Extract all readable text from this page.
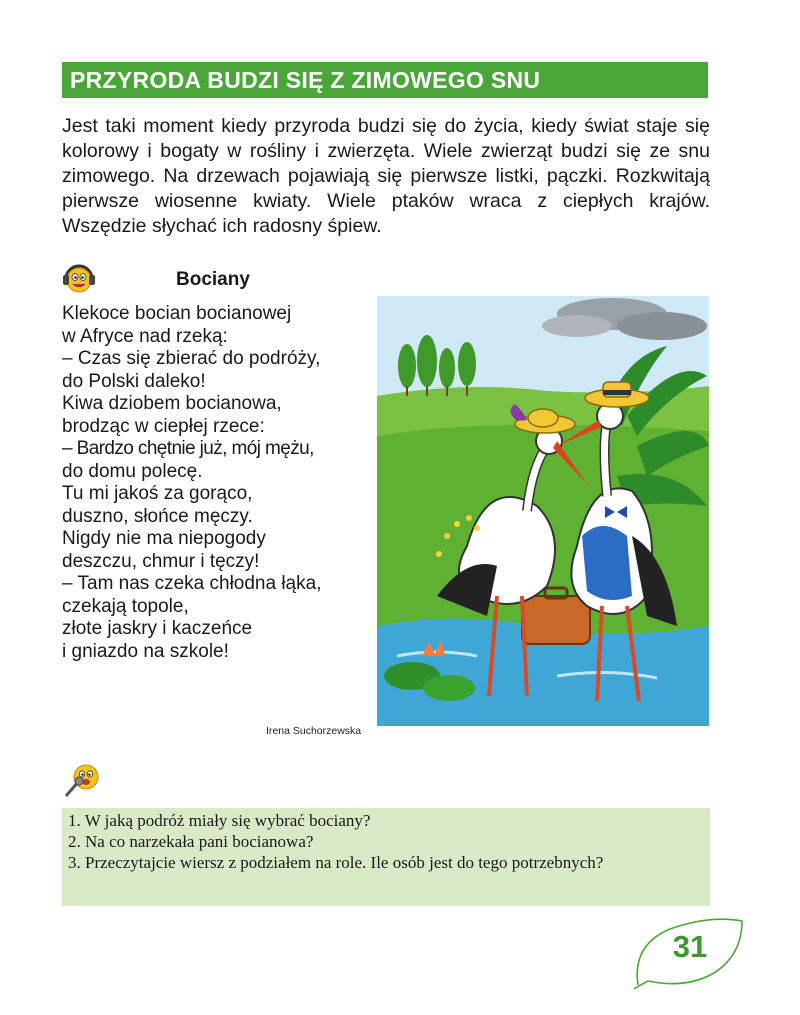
PRZYRODA BUDZI SIĘ Z ZIMOWEGO SNU

Jest taki moment kiedy przyroda budzi się do życia, kiedy świat staje się kolorowy i bogaty w rośliny i zwierzęta. Wiele zwierząt budzi się ze snu zimowego. Na drzewach pojawiają się pierwsze listki, pączki. Rozkwitają pierwsze wiosenne kwiaty. Wiele ptaków wraca z ciepłych krajów. Wszędzie słychać ich radosny śpiew.

Bociany
Klekoce bocian bocianowej
w Afryce nad rzeką:
– Czas się zbierać do podróży,
do Polski daleko!
Kiwa dziobem bocianowa,
brodząc w ciepłej rzece:
– Bardzo chętnie już, mój mężu,
do domu polecę.
Tu mi jakoś za gorąco,
duszno, słońce męczy.
Nigdy nie ma niepogody
deszczu, chmur i tęczy!
– Tam nas czeka chłodna łąka,
czekają topole,
złote jaskry i kaczeńce
i gniazdo na szkole!
Irena Suchorzewska
1. W jaką podróż miały się wybrać bociany?
2. Na co narzekała pani bocianowa?
3. Przeczytajcie wiersz z podziałem na role. Ile osób jest do tego potrzebnych?
31
